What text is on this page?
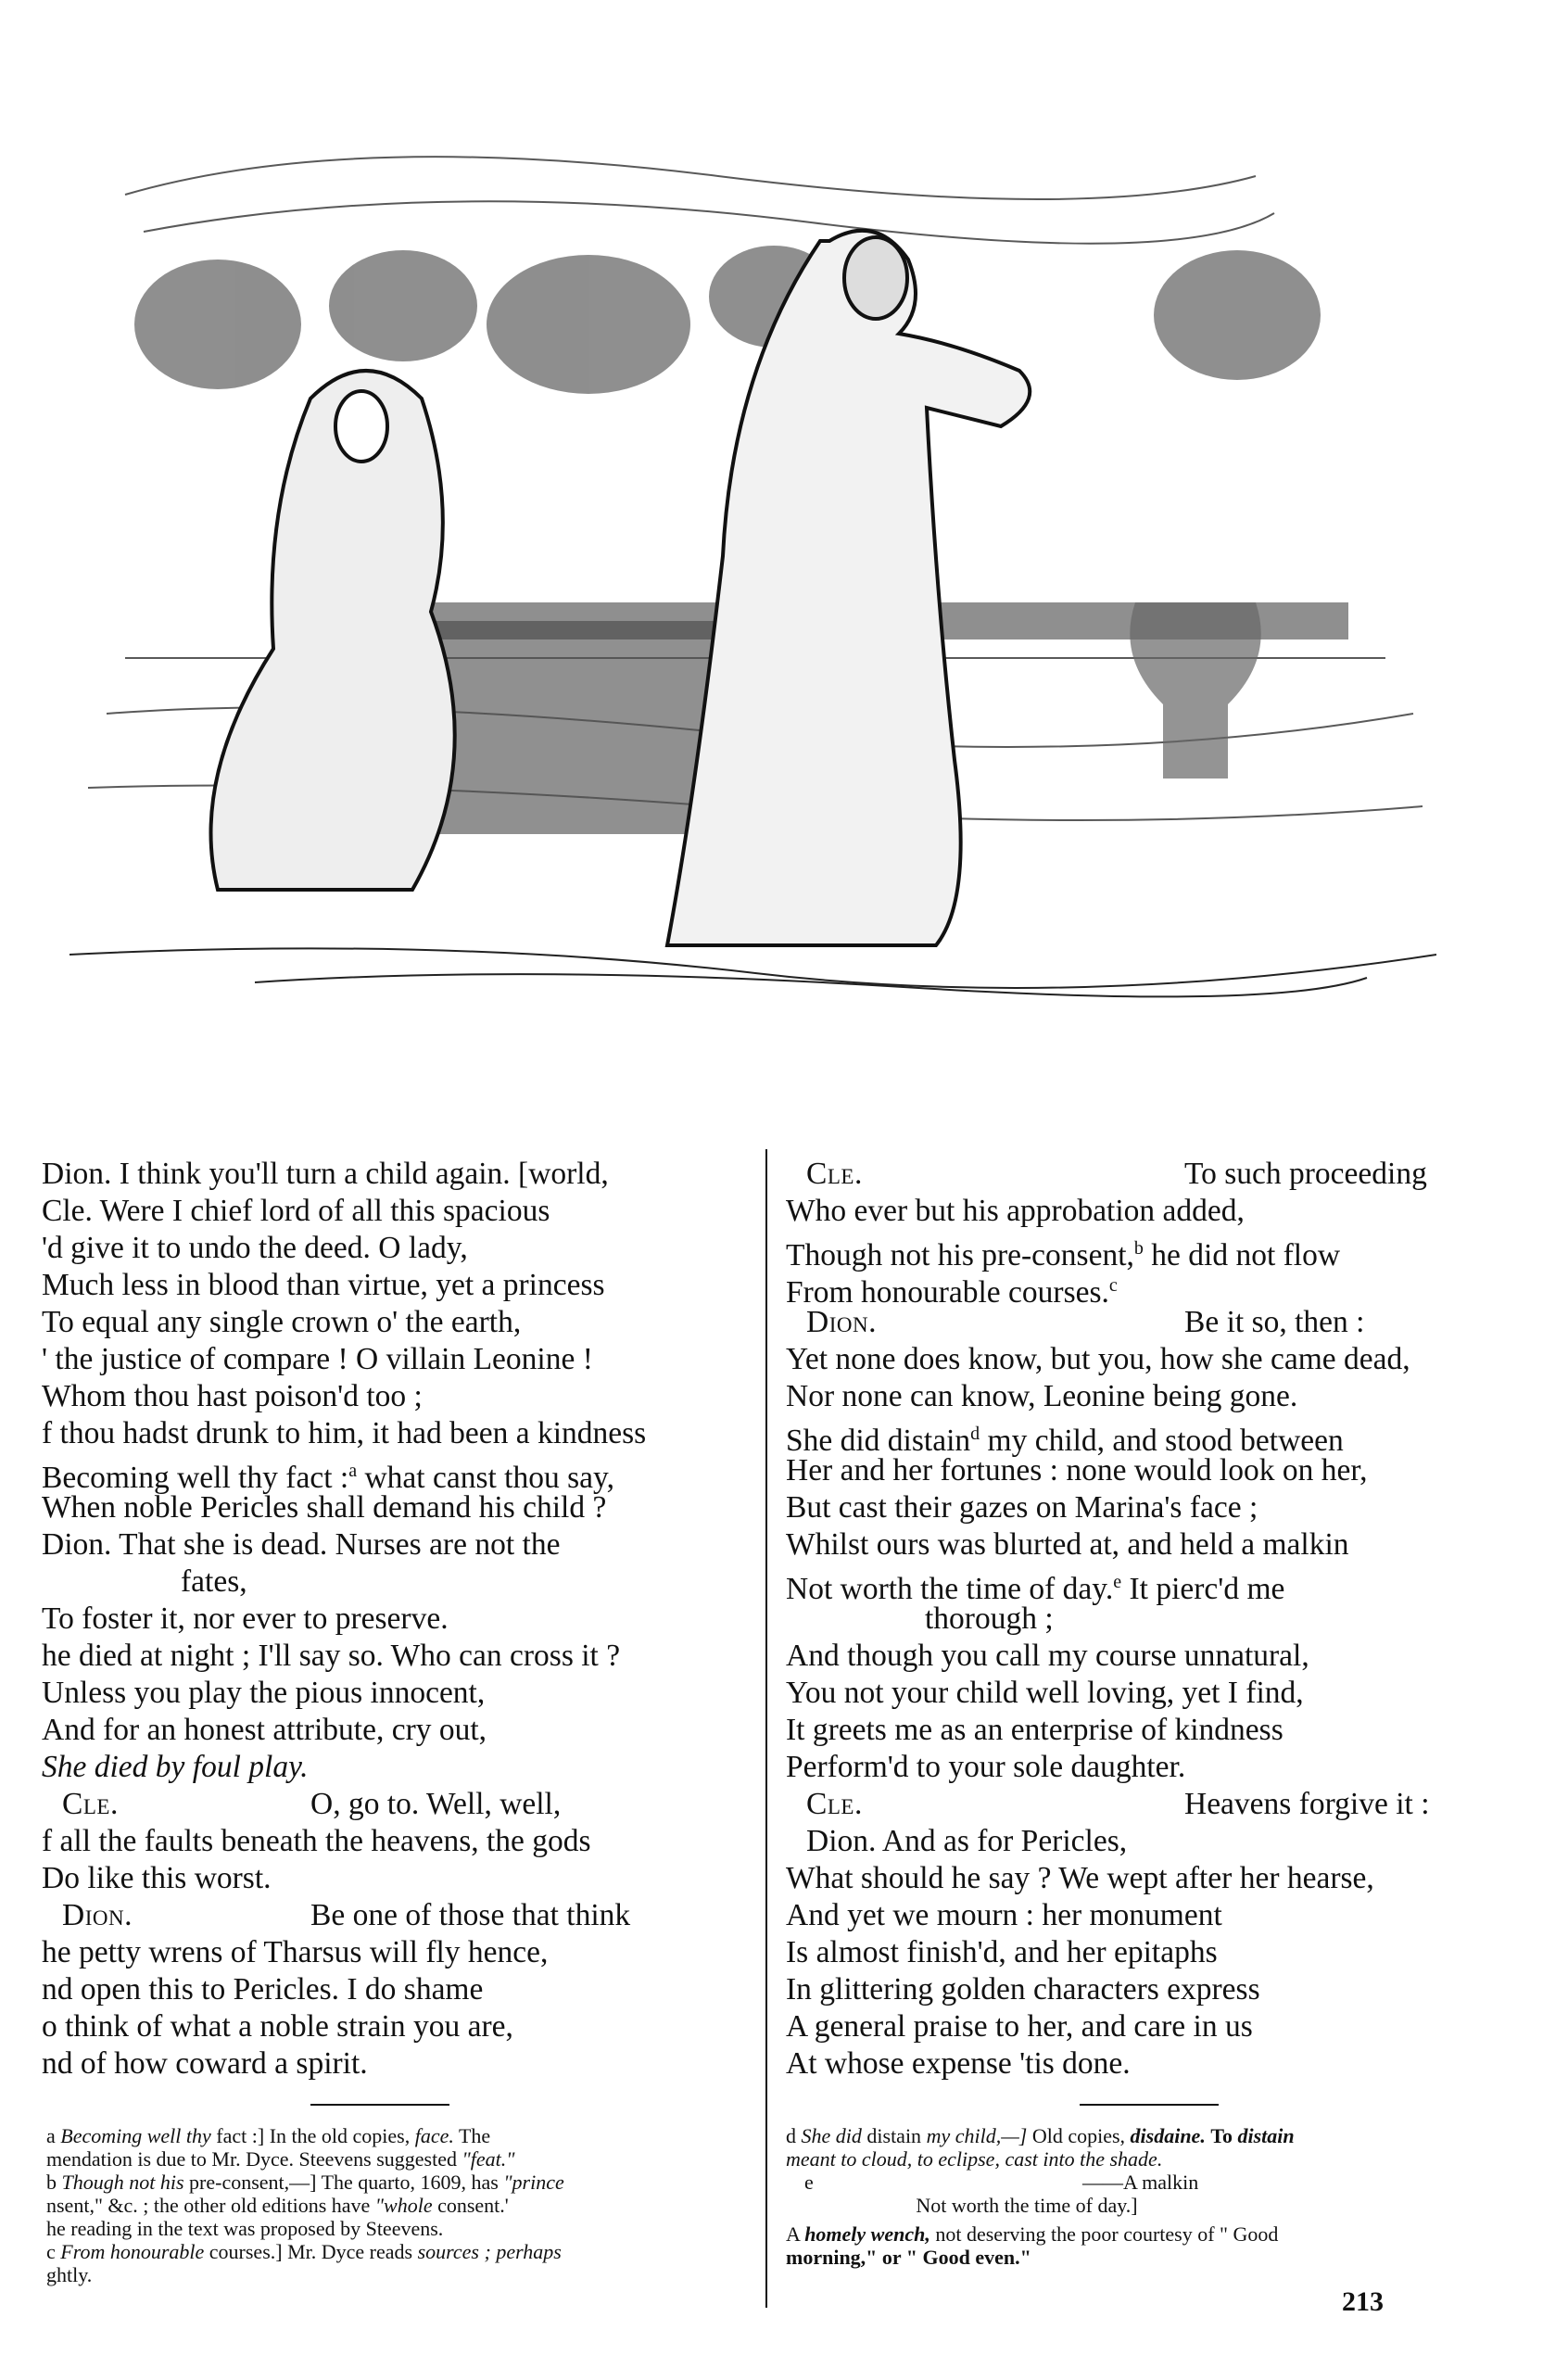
Dion. I think you'll turn a child again. [world,
Cle. Were I chief lord of all this spacious
'd give it to undo the deed. O lady,
Much less in blood than virtue, yet a princess
To equal any single crown o' the earth,
' the justice of compare ! O villain Leonine !
Whom thou hast poison'd too ;
f thou hadst drunk to him, it had been a kindness
Becoming well thy fact :$^a$ what canst thou say,
When noble Pericles shall demand his child ?
Dion. That she is dead. Nurses are not the
fates,
To foster it, nor ever to preserve.
he died at night ; I'll say so. Who can cross it ?
Unless you play the pious innocent,
And for an honest attribute, cry out,
She died by foul play.
Cle.	O, go to. Well, well,
f all the faults beneath the heavens, the gods
Do like this worst.
Dion.	Be one of those that think
he petty wrens of Tharsus will fly hence,
nd open this to Pericles. I do shame
o think of what a noble strain you are,
nd of how coward a spirit.
Cle.	To such proceeding
Who ever but his approbation added,
Though not his pre-consent,$^b$ he did not flow
From honourable courses.$^c$
Dion.	Be it so, then :
Yet none does know, but you, how she came dead,
Nor none can know, Leonine being gone.
She did distain$^d$ my child, and stood between
Her and her fortunes : none would look on her,
But cast their gazes on Marina's face ;
Whilst ours was blurted at, and held a malkin
Not worth the time of day.$^e$ It pierc'd me
thorough ;
And though you call my course unnatural,
You not your child well loving, yet I find,
It greets me as an enterprise of kindness
Perform'd to your sole daughter.
Cle.	Heavens forgive it :
Dion. And as for Pericles,
What should he say ? We wept after her hearse,
And yet we mourn : her monument
Is almost finish'd, and her epitaphs
In glittering golden characters express
A general praise to her, and care in us
At whose expense 'tis done.
a Becoming well thy fact :] In the old copies, face. The
mendation is due to Mr. Dyce. Steevens suggested "feat."
b Though not his pre-consent,—] The quarto, 1609, has "prince
nsent," &c. ; the other old editions have "whole consent.'
he reading in the text was proposed by Steevens.
c From honourable courses.] Mr. Dyce reads sources ; perhaps
ghtly.
d She did distain my child,—] Old copies, disdaine. To distain
meant to cloud, to eclipse, cast into the shade.
e	——A malkin
Not worth the time of day.]
A homely wench, not deserving the poor courtesy of " Good
morning," or " Good even."
213
